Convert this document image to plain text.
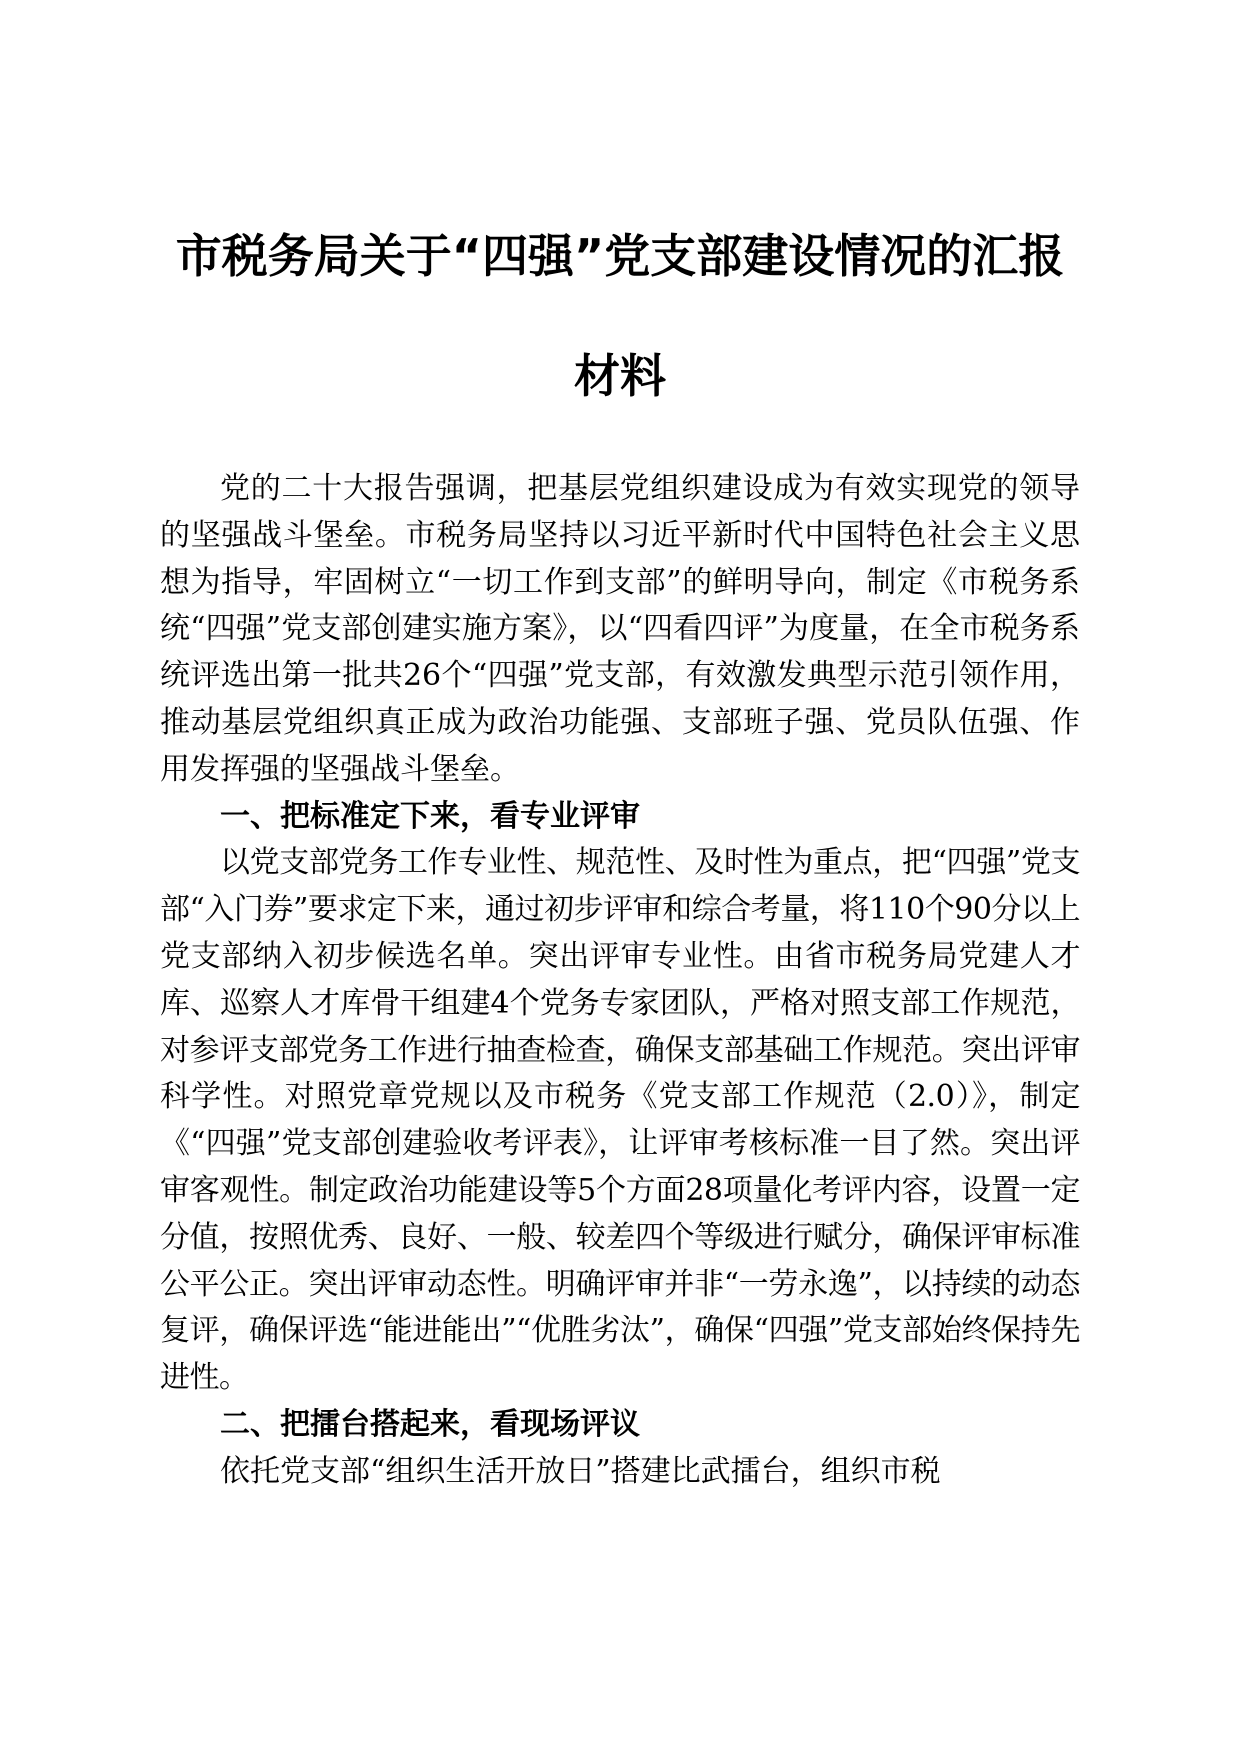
市税务局关于“四强”党支部建设情况的汇报
材料

党的二十大报告强调，把基层党组织建设成为有效实现党的领导的坚强战斗堡垒。市税务局坚持以习近平新时代中国特色社会主义思想为指导，牢固树立“一切工作到支部”的鲜明导向，制定《市税务系统“四强”党支部创建实施方案》，以“四看四评”为度量，在全市税务系统评选出第一批共26个“四强”党支部，有效激发典型示范引领作用，推动基层党组织真正成为政治功能强、支部班子强、党员队伍强、作用发挥强的坚强战斗堡垒。

一、把标准定下来，看专业评审

以党支部党务工作专业性、规范性、及时性为重点，把“四强”党支部“入门券”要求定下来，通过初步评审和综合考量，将110个90分以上党支部纳入初步候选名单。突出评审专业性。由省市税务局党建人才库、巡察人才库骨干组建4个党务专家团队，严格对照支部工作规范，对参评支部党务工作进行抽查检查，确保支部基础工作规范。突出评审科学性。对照党章党规以及市税务《党支部工作规范（2.0）》，制定《“四强”党支部创建验收考评表》，让评审考核标准一目了然。突出评审客观性。制定政治功能建设等5个方面28项量化考评内容，设置一定分值，按照优秀、良好、一般、较差四个等级进行赋分，确保评审标准公平公正。突出评审动态性。明确评审并非“一劳永逸”，以持续的动态复评，确保评选“能进能出”“优胜劣汰”，确保“四强”党支部始终保持先进性。

二、把擂台搭起来，看现场评议

依托党支部“组织生活开放日”搭建比武擂台，组织市税
